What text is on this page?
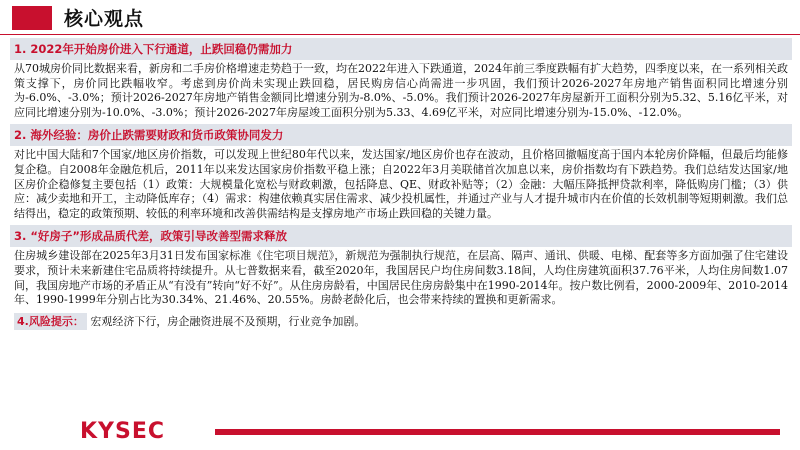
核心观点
1. 2022年开始房价进入下行通道，止跌回稳仍需加力

从70城房价同比数据来看，新房和二手房价格增速走势趋于一致，均在2022年进入下跌通道，2024年前三季度跌幅有扩大趋势，四季度以来，在一系列相关政策支撑下，房价同比跌幅收窄。考虑到房价尚未实现止跌回稳，居民购房信心尚需进一步巩固，我们预计2026-2027年房地产销售面积同比增速分别为-6.0%、-3.0%；预计2026-2027年房地产销售金额同比增速分别为-8.0%、-5.0%。我们预计2026-2027年房屋新开工面积分别为5.32、5.16亿平米，对应同比增速分别为-10.0%、-3.0%；预计2026-2027年房屋竣工面积分别为5.33、4.69亿平米，对应同比增速分别为-15.0%、-12.0%。

2. 海外经验：房价止跌需要财政和货币政策协同发力

对比中国大陆和7个国家/地区房价指数，可以发现上世纪80年代以来，发达国家/地区房价也存在波动，且价格回撤幅度高于国内本轮房价降幅，但最后均能修复企稳。自2008年金融危机后，2011年以来发达国家房价指数平稳上涨；自2022年3月美联储首次加息以来，房价指数均有下跌趋势。我们总结发达国家/地区房价企稳修复主要包括（1）政策：大规模量化宽松与财政刺激，包括降息、QE、财政补贴等；（2）金融：大幅压降抵押贷款利率，降低购房门槛；（3）供应：减少卖地和开工，主动降低库存；（4）需求：构建依赖真实居住需求、减少投机属性，并通过产业与人才提升城市内在价值的长效机制等短期刺激。我们总结得出，稳定的政策预期、较低的利率环境和改善供需结构是支撑房地产市场止跌回稳的关键力量。

3. “好房子”形成品质代差，政策引导改善型需求释放

住房城乡建设部在2025年3月31日发布国家标准《住宅项目规范》，新规范为强制执行规范，在层高、隔声、通讯、供暖、电梯、配套等多方面加强了住宅建设要求，预计未来新建住宅品质将持续提升。从七普数据来看，截至2020年，我国居民户均住房间数3.18间，人均住房建筑面积37.76平米，人均住房间数1.07间，我国房地产市场的矛盾正从“有没有”转向“好不好”。从住房房龄看，中国居民住房房龄集中在1990-2014年。按户数比例看，2000-2009年、2010-2014年、1990-1999年分别占比为30.34%、21.46%、20.55%。房龄老龄化后，也会带来持续的置换和更新需求。

4.风险提示： 宏观经济下行，房企融资进展不及预期，行业竞争加剧。
KYSEC
